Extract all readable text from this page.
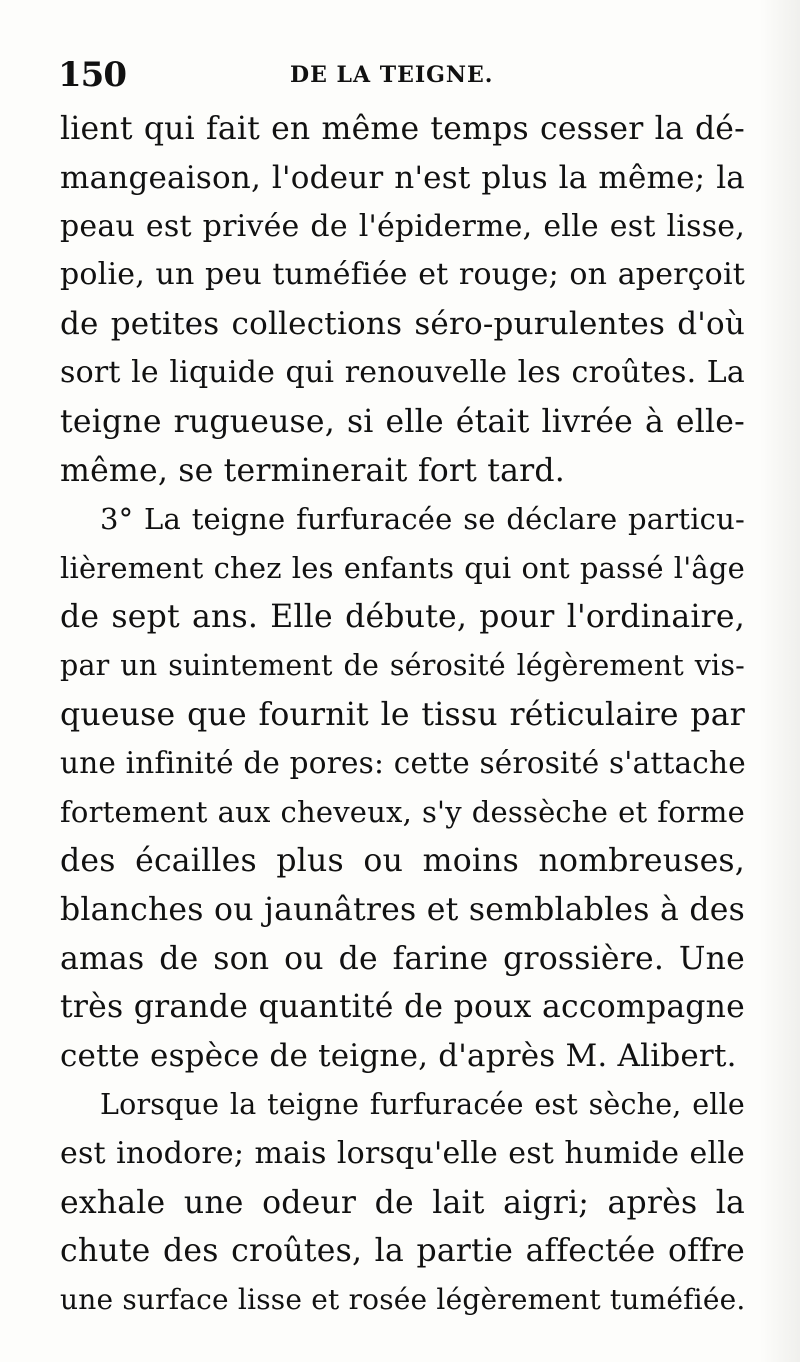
150	DE LA TEIGNE.
lient qui fait en même temps cesser la dé-
mangeaison, l'odeur n'est plus la même; la
peau est privée de l'épiderme, elle est lisse,
polie, un peu tuméfiée et rouge; on aperçoit
de petites collections séro-purulentes d'où
sort le liquide qui renouvelle les croûtes. La
teigne rugueuse, si elle était livrée à elle-
même, se terminerait fort tard.
3° La teigne furfuracée se déclare particu-
lièrement chez les enfants qui ont passé l'âge
de sept ans. Elle débute, pour l'ordinaire,
par un suintement de sérosité légèrement vis-
queuse que fournit le tissu réticulaire par
une infinité de pores: cette sérosité s'attache
fortement aux cheveux, s'y dessèche et forme
des écailles plus ou moins nombreuses,
blanches ou jaunâtres et semblables à des
amas de son ou de farine grossière. Une
très grande quantité de poux accompagne
cette espèce de teigne, d'après M. Alibert.
Lorsque la teigne furfuracée est sèche, elle
est inodore; mais lorsqu'elle est humide elle
exhale une odeur de lait aigri; après la
chute des croûtes, la partie affectée offre
une surface lisse et rosée légèrement tuméfiée.
